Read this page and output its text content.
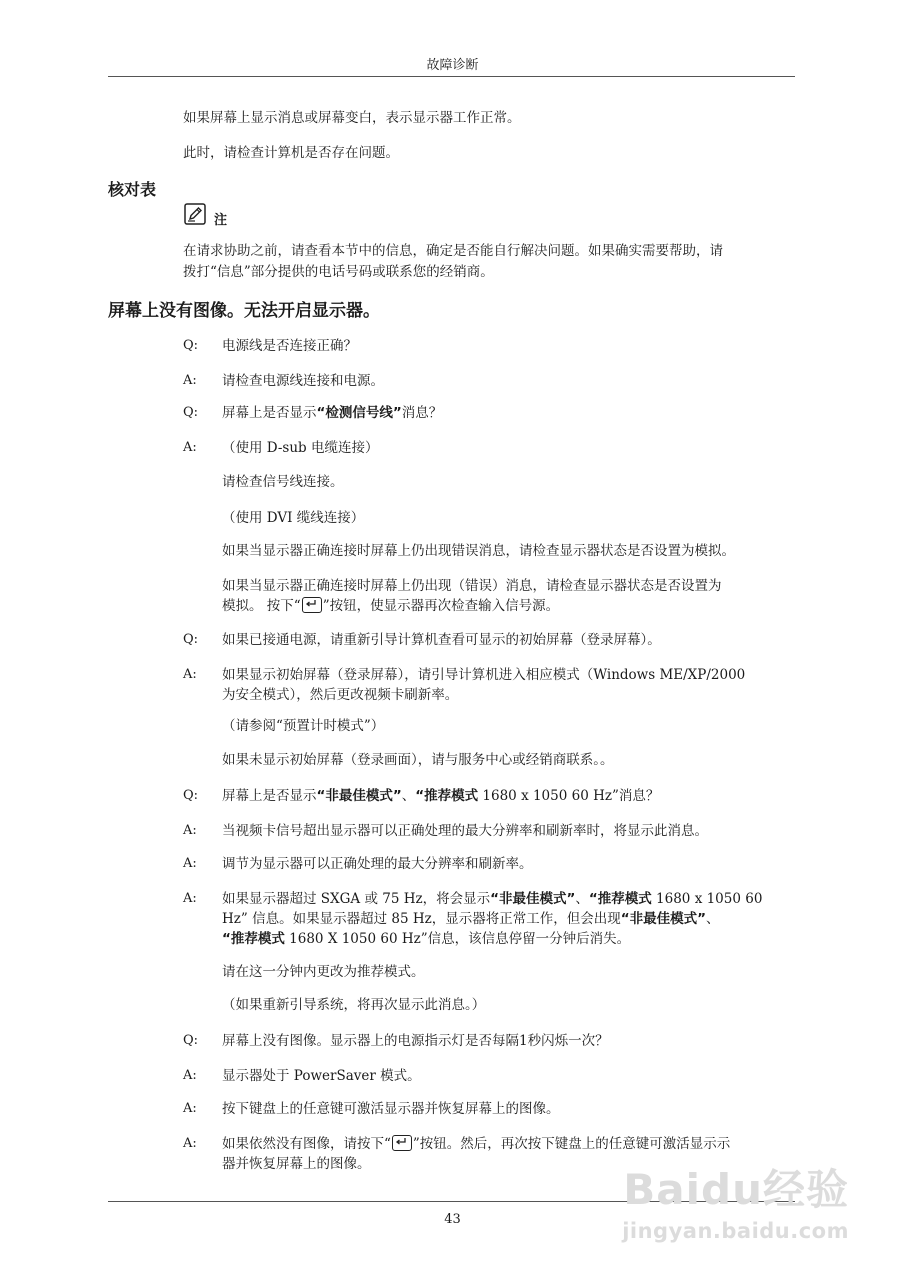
故障诊断
如果屏幕上显示消息或屏幕变白，表示显示器工作正常。
此时，请检查计算机是否存在问题。
核对表
注
在请求协助之前，请查看本节中的信息，确定是否能自行解决问题。如果确实需要帮助，请
拨打“信息”部分提供的电话号码或联系您的经销商。
屏幕上没有图像。无法开启显示器。
Q: 电源线是否连接正确？
A: 请检查电源线连接和电源。
Q: 屏幕上是否显示“检测信号线”消息？
A: （使用 D-sub 电缆连接）
请检查信号线连接。
（使用 DVI 缆线连接）
如果当显示器正确连接时屏幕上仍出现错误消息，请检查显示器状态是否设置为模拟。
如果当显示器正确连接时屏幕上仍出现（错误）消息，请检查显示器状态是否设置为
模拟。 按下“ ”按钮，使显示器再次检查输入信号源。
Q: 如果已接通电源，请重新引导计算机查看可显示的初始屏幕（登录屏幕）。
A: 如果显示初始屏幕（登录屏幕），请引导计算机进入相应模式（Windows ME/XP/2000
为安全模式），然后更改视频卡刷新率。
（请参阅“预置计时模式”）
如果未显示初始屏幕（登录画面），请与服务中心或经销商联系。。
Q: 屏幕上是否显示“非最佳模式”、“推荐模式 1680 x 1050 60 Hz”消息？
A: 当视频卡信号超出显示器可以正确处理的最大分辨率和刷新率时，将显示此消息。
A: 调节为显示器可以正确处理的最大分辨率和刷新率。
A: 如果显示器超过 SXGA 或 75 Hz，将会显示“非最佳模式”、“推荐模式 1680 x 1050 60
Hz” 信息。如果显示器超过 85 Hz，显示器将正常工作，但会出现“非最佳模式”、
“推荐模式 1680 X 1050 60 Hz”信息，该信息停留一分钟后消失。
请在这一分钟内更改为推荐模式。
（如果重新引导系统，将再次显示此消息。）
Q: 屏幕上没有图像。显示器上的电源指示灯是否每隔1秒闪烁一次？
A: 显示器处于 PowerSaver 模式。
A: 按下键盘上的任意键可激活显示器并恢复屏幕上的图像。
A: 如果依然没有图像，请按下“ ”按钮。然后，再次按下键盘上的任意键可激活显示示
器并恢复屏幕上的图像。
43
Baidu经验
jingyan.baidu.com
